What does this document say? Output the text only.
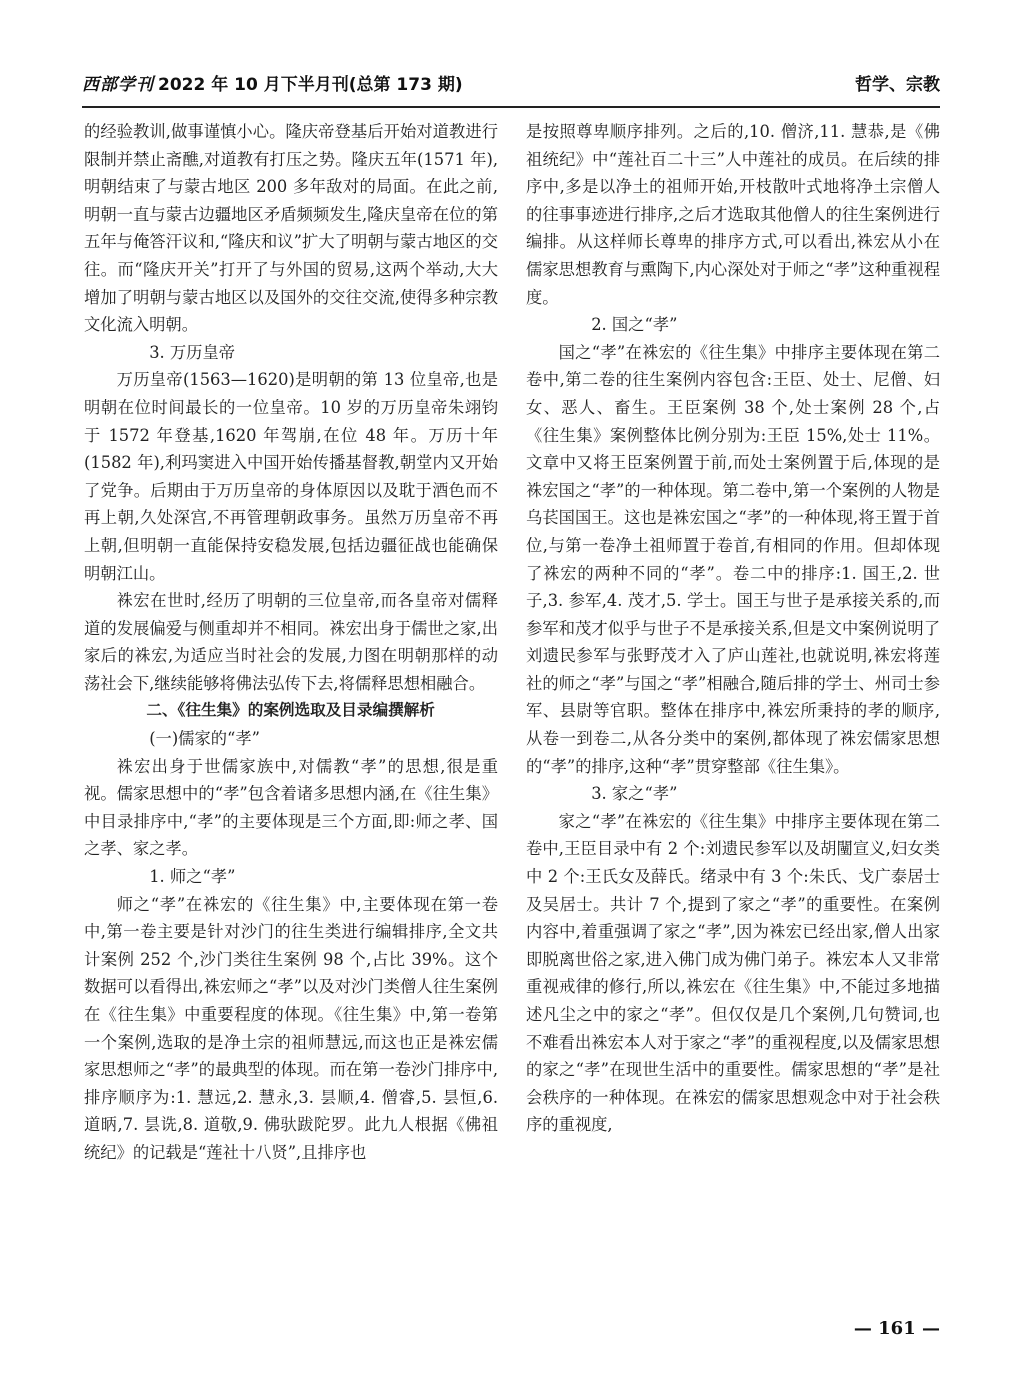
西部学刊 2022 年 10 月下半月刊(总第 173 期)	哲学、宗教

的经验教训,做事谨慎小心。隆庆帝登基后开始对道教进行限制并禁止斋醮,对道教有打压之势。隆庆五年(1571 年),明朝结束了与蒙古地区 200 多年敌对的局面。在此之前,明朝一直与蒙古边疆地区矛盾频频发生,隆庆皇帝在位的第五年与俺答汗议和,“隆庆和议”扩大了明朝与蒙古地区的交往。而“隆庆开关”打开了与外国的贸易,这两个举动,大大增加了明朝与蒙古地区以及国外的交往交流,使得多种宗教文化流入明朝。

3. 万历皇帝

万历皇帝(1563—1620)是明朝的第 13 位皇帝,也是明朝在位时间最长的一位皇帝。10 岁的万历皇帝朱翊钧于 1572 年登基,1620 年驾崩,在位 48 年。万历十年(1582 年),利玛窦进入中国开始传播基督教,朝堂内又开始了党争。后期由于万历皇帝的身体原因以及耽于酒色而不再上朝,久处深宫,不再管理朝政事务。虽然万历皇帝不再上朝,但明朝一直能保持安稳发展,包括边疆征战也能确保明朝江山。

袾宏在世时,经历了明朝的三位皇帝,而各皇帝对儒释道的发展偏爱与侧重却并不相同。袾宏出身于儒世之家,出家后的袾宏,为适应当时社会的发展,力图在明朝那样的动荡社会下,继续能够将佛法弘传下去,将儒释思想相融合。

二、《往生集》的案例选取及目录编撰解析

(一)儒家的“孝”

袾宏出身于世儒家族中,对儒教“孝”的思想,很是重视。儒家思想中的“孝”包含着诸多思想内涵,在《往生集》中目录排序中,“孝”的主要体现是三个方面,即:师之孝、国之孝、家之孝。

1. 师之“孝”

师之“孝”在袾宏的《往生集》中,主要体现在第一卷中,第一卷主要是针对沙门的往生类进行编辑排序,全文共计案例 252 个,沙门类往生案例 98 个,占比 39%。这个数据可以看得出,袾宏师之“孝”以及对沙门类僧人往生案例在《往生集》中重要程度的体现。《往生集》中,第一卷第一个案例,选取的是净土宗的祖师慧远,而这也正是袾宏儒家思想师之“孝”的最典型的体现。而在第一卷沙门排序中,排序顺序为:1. 慧远,2. 慧永,3. 昙顺,4. 僧睿,5. 昙恒,6. 道昞,7. 昙诜,8. 道敬,9. 佛驮跋陀罗。此九人根据《佛祖统纪》的记载是“莲社十八贤”,且排序也

是按照尊卑顺序排列。之后的,10. 僧济,11. 慧恭,是《佛祖统纪》中“莲社百二十三”人中莲社的成员。在后续的排序中,多是以净土的祖师开始,开枝散叶式地将净土宗僧人的往事事迹进行排序,之后才选取其他僧人的往生案例进行编排。从这样师长尊卑的排序方式,可以看出,袾宏从小在儒家思想教育与熏陶下,内心深处对于师之“孝”这种重视程度。

2. 国之“孝”

国之“孝”在袾宏的《往生集》中排序主要体现在第二卷中,第二卷的往生案例内容包含:王臣、处士、尼僧、妇女、恶人、畜生。王臣案例 38 个,处士案例 28 个,占《往生集》案例整体比例分别为:王臣 15%,处士 11%。文章中又将王臣案例置于前,而处士案例置于后,体现的是袾宏国之“孝”的一种体现。第二卷中,第一个案例的人物是乌苌国国王。这也是袾宏国之“孝”的一种体现,将王置于首位,与第一卷净土祖师置于卷首,有相同的作用。但却体现了袾宏的两种不同的“孝”。卷二中的排序:1. 国王,2. 世子,3. 参军,4. 茂才,5. 学士。国王与世子是承接关系的,而参军和茂才似乎与世子不是承接关系,但是文中案例说明了刘遗民参军与张野茂才入了庐山莲社,也就说明,袾宏将莲社的师之“孝”与国之“孝”相融合,随后排的学士、州司士参军、县尉等官职。整体在排序中,袾宏所秉持的孝的顺序,从卷一到卷二,从各分类中的案例,都体现了袾宏儒家思想的“孝”的排序,这种“孝”贯穿整部《往生集》。

3. 家之“孝”

家之“孝”在袾宏的《往生集》中排序主要体现在第二卷中,王臣目录中有 2 个:刘遗民参军以及胡闉宣义,妇女类中 2 个:王氏女及薛氏。绪录中有 3 个:朱氏、戈广泰居士及吴居士。共计 7 个,提到了家之“孝”的重要性。在案例内容中,着重强调了家之“孝”,因为袾宏已经出家,僧人出家即脱离世俗之家,进入佛门成为佛门弟子。袾宏本人又非常重视戒律的修行,所以,袾宏在《往生集》中,不能过多地描述凡尘之中的家之“孝”。但仅仅是几个案例,几句赞词,也不难看出袾宏本人对于家之“孝”的重视程度,以及儒家思想的家之“孝”在现世生活中的重要性。儒家思想的“孝”是社会秩序的一种体现。在袾宏的儒家思想观念中对于社会秩序的重视度,

— 161 —
